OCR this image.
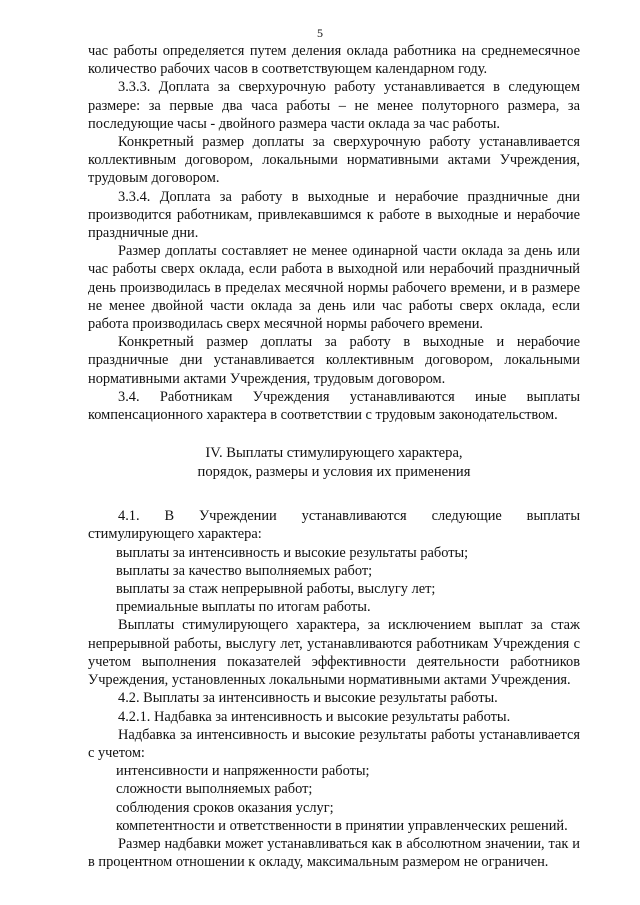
5

час работы определяется путем деления оклада работника на среднемесячное количество рабочих часов в соответствующем календарном году.

3.3.3. Доплата за сверхурочную работу устанавливается в следующем размере: за первые два часа работы – не менее полуторного размера, за последующие часы - двойного размера части оклада за час работы.

Конкретный размер доплаты за сверхурочную работу устанавливается коллективным договором, локальными нормативными актами Учреждения, трудовым договором.

3.3.4. Доплата за работу в выходные и нерабочие праздничные дни производится работникам, привлекавшимся к работе в выходные и нерабочие праздничные дни.

Размер доплаты составляет не менее одинарной части оклада за день или час работы сверх оклада, если работа в выходной или нерабочий праздничный день производилась в пределах месячной нормы рабочего времени, и в размере не менее двойной части оклада за день или час работы сверх оклада, если работа производилась сверх месячной нормы рабочего времени.

Конкретный размер доплаты за работу в выходные и нерабочие праздничные дни устанавливается коллективным договором, локальными нормативными актами Учреждения, трудовым договором.

3.4. Работникам Учреждения устанавливаются иные выплаты компенсационного характера в соответствии с трудовым законодательством.

IV. Выплаты стимулирующего характера,
порядок, размеры и условия их применения

4.1. В Учреждении устанавливаются следующие выплаты стимулирующего характера:

выплаты за интенсивность и высокие результаты работы;

выплаты за качество выполняемых работ;

выплаты за стаж непрерывной работы, выслугу лет;

премиальные выплаты по итогам работы.

Выплаты стимулирующего характера, за исключением выплат за стаж непрерывной работы, выслугу лет, устанавливаются работникам Учреждения с учетом выполнения показателей эффективности деятельности работников Учреждения, установленных локальными нормативными актами Учреждения.

4.2. Выплаты за интенсивность и высокие результаты работы.

4.2.1. Надбавка за интенсивность и высокие результаты работы.

Надбавка за интенсивность и высокие результаты работы устанавливается с учетом:

интенсивности и напряженности работы;

сложности выполняемых работ;

соблюдения сроков оказания услуг;

компетентности и ответственности в принятии управленческих решений.

Размер надбавки может устанавливаться как в абсолютном значении, так и в процентном отношении к окладу, максимальным размером не ограничен.
